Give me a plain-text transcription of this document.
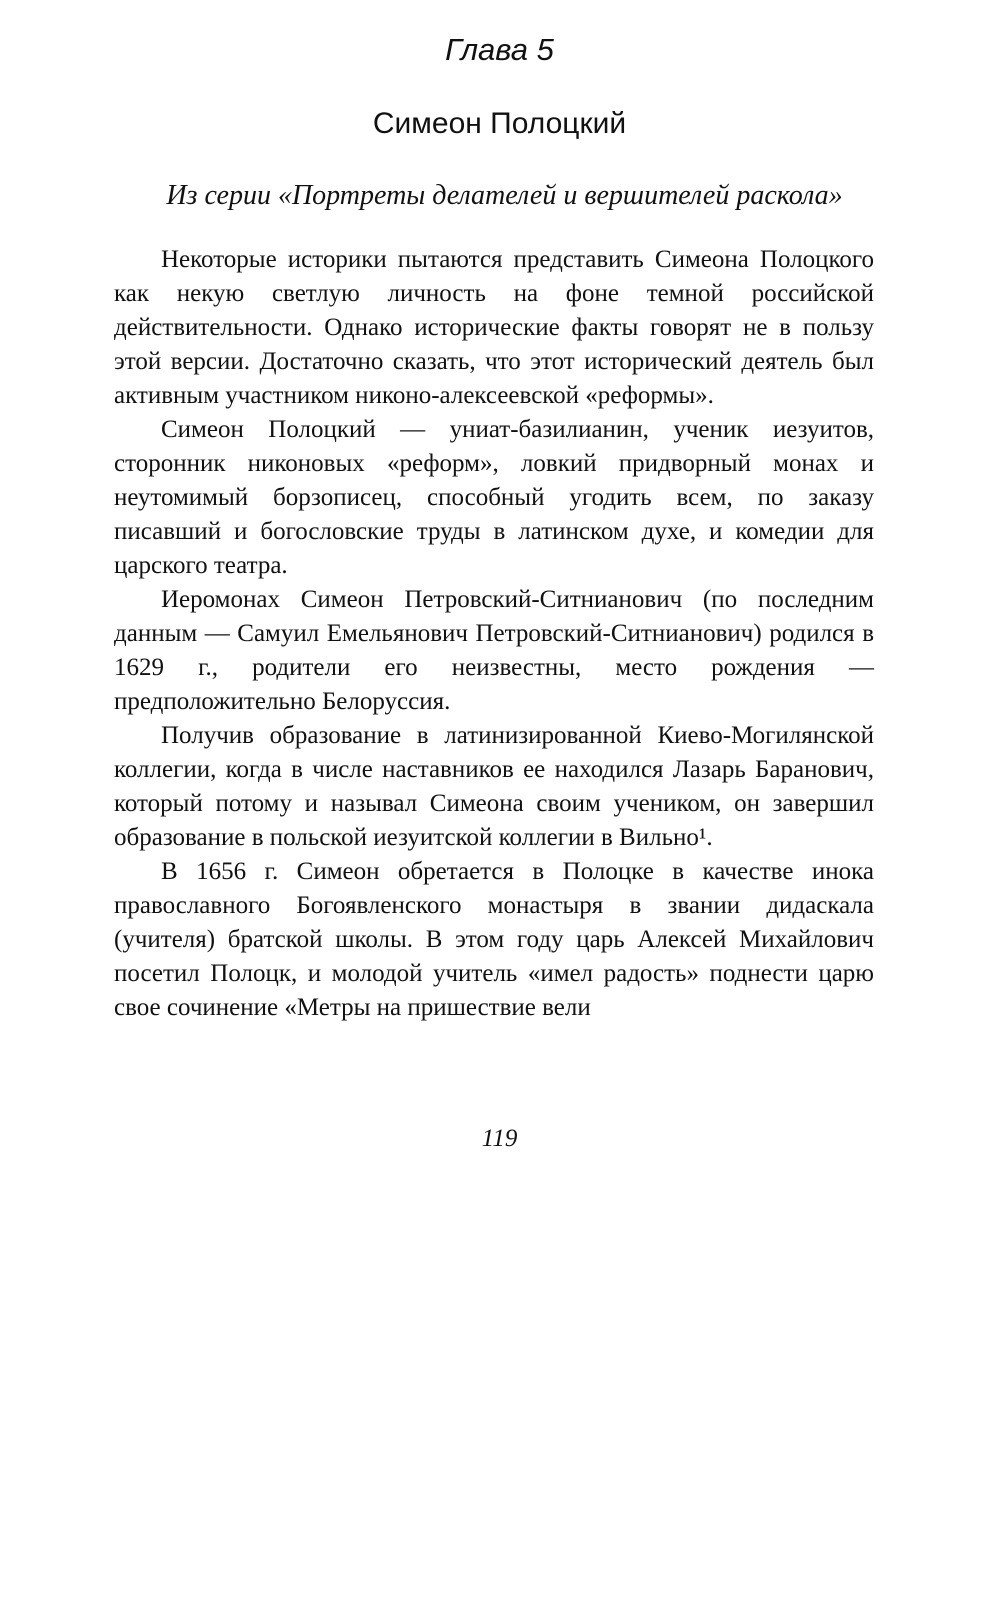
Глава 5
Симеон Полоцкий
Из серии «Портреты делателей и вершителей раскола»

Некоторые историки пытаются представить Симеона Полоцкого как некую светлую личность на фоне темной российской действительности. Однако исторические факты говорят не в пользу этой версии. Достаточно сказать, что этот исторический деятель был активным участником никоно-алексеевской «реформы».

Симеон Полоцкий — униат-базилианин, ученик иезуитов, сторонник никоновых «реформ», ловкий придворный монах и неутомимый борзописец, способный угодить всем, по заказу писавший и богословские труды в латинском духе, и комедии для царского театра.

Иеромонах Симеон Петровский-Ситнианович (по последним данным — Самуил Емельянович Петровский-Ситнианович) родился в 1629 г., родители его неизвестны, место рождения — предположительно Белоруссия.

Получив образование в латинизированной Киево-Могилянской коллегии, когда в числе наставников ее находился Лазарь Баранович, который потому и называл Симеона своим учеником, он завершил образование в польской иезуитской коллегии в Вильно¹.

В 1656 г. Симеон обретается в Полоцке в качестве инока православного Богоявленского монастыря в звании дидаскала (учителя) братской школы. В этом году царь Алексей Михайлович посетил Полоцк, и молодой учитель «имел радость» поднести царю свое сочинение «Метры на пришествие вели

119
